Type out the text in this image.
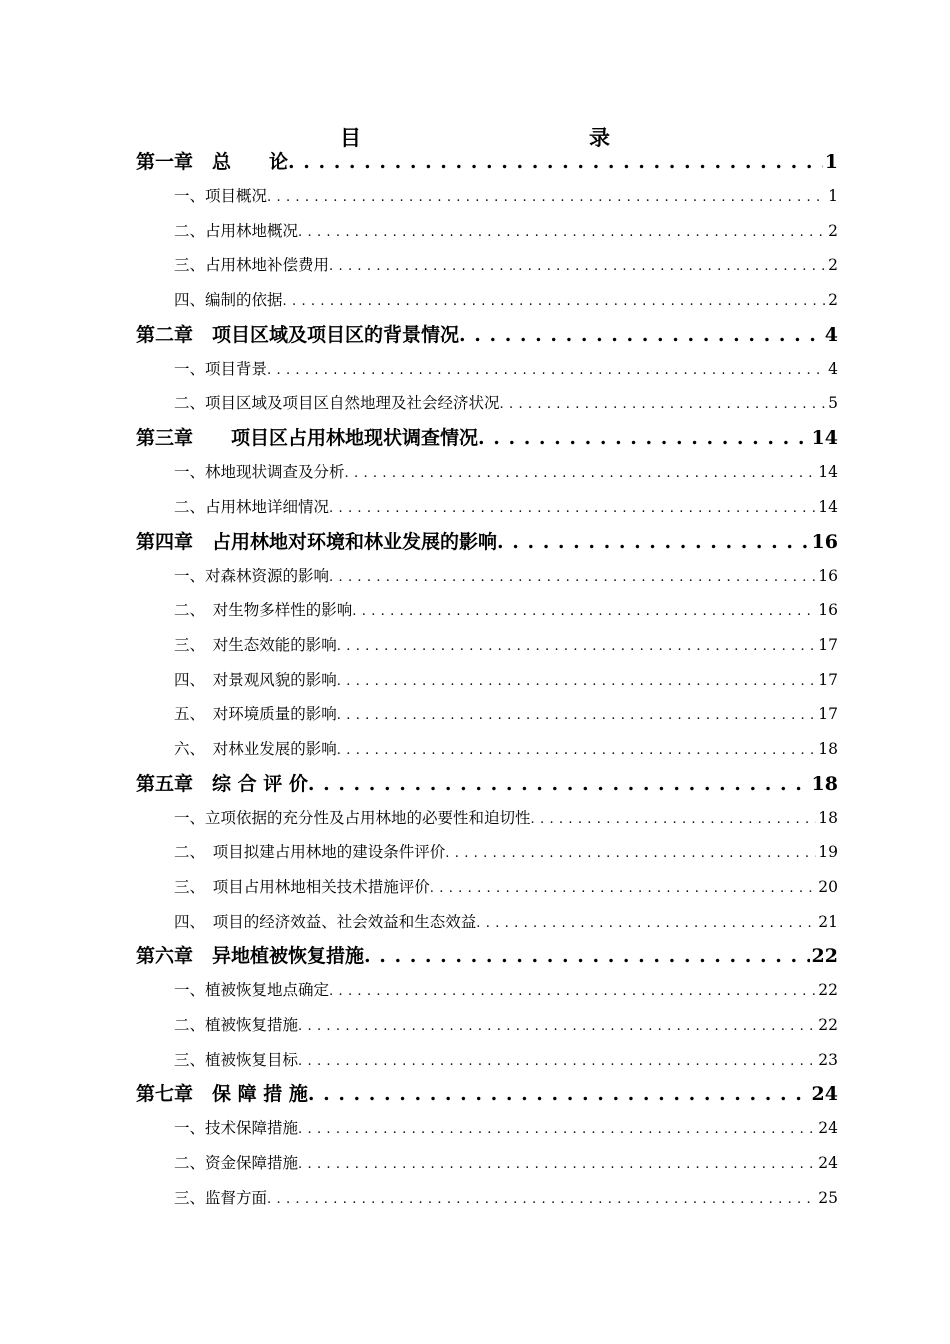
目　　录
第一章　总　　论 . . .	1
一、项目概况 . . .	1
二、占用林地概况 . . .	2
三、占用林地补偿费用 . . .	2
四、编制的依据 . . .	2
第二章　项目区域及项目区的背景情况 . . .	4
一、项目背景 . . .	4
二、项目区域及项目区自然地理及社会经济状况 . . .	5
第三章　　项目区占用林地现状调查情况 . . .	14
一、林地现状调查及分析 . . .	14
二、占用林地详细情况 . . .	14
第四章　占用林地对环境和林业发展的影响 . . .	16
一、对森林资源的影响 . . .	16
二、　对生物多样性的影响 . . .	16
三、　对生态效能的影响 . . .	17
四、　对景观风貌的影响 . . .	17
五、　对环境质量的影响 . . .	17
六、　对林业发展的影响 . . .	18
第五章　综 合 评 价 . . .	18
一、立项依据的充分性及占用林地的必要性和迫切性 . . .	18
二、　项目拟建占用林地的建设条件评价 . . .	19
三、　项目占用林地相关技术措施评价 . . .	20
四、　项目的经济效益、社会效益和生态效益 . . .	21
第六章　异地植被恢复措施 . . .	22
一、植被恢复地点确定 . . .	22
二、植被恢复措施 . . .	22
三、植被恢复目标 . . .	23
第七章　保 障 措 施 . . .	24
一、技术保障措施 . . .	24
二、资金保障措施 . . .	24
三、监督方面 . . .	25
